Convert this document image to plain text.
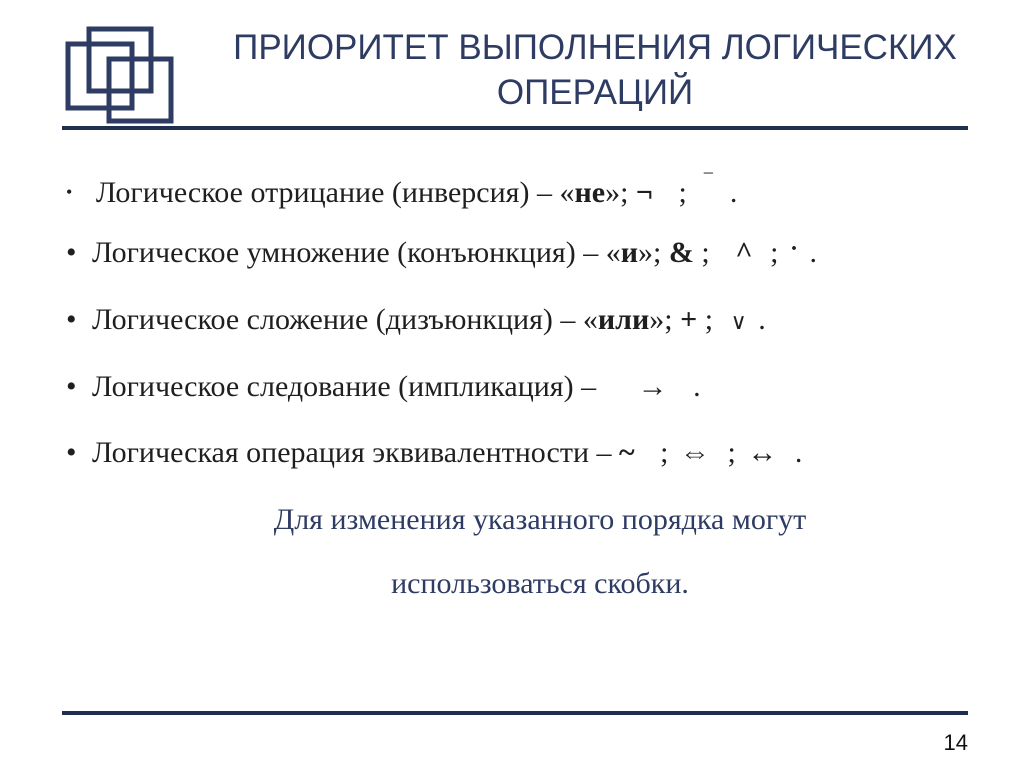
ПРИОРИТЕТ ВЫПОЛНЕНИЯ ЛОГИЧЕСКИХ
ОПЕРАЦИЙ
• Логическое отрицание (инверсия) – «не»; ¬ ; ‾ .
• Логическое умножение (конъюнкция) – «и»; & ; ^ ; · .
• Логическое сложение (дизъюнкция) – «или»; + ; ∨ .
• Логическое следование (импликация) – → .
• Логическая операция эквивалентности – ~ ; ⇔ ; ↔ .
Для изменения указанного порядка могут
использоваться скобки.
14
